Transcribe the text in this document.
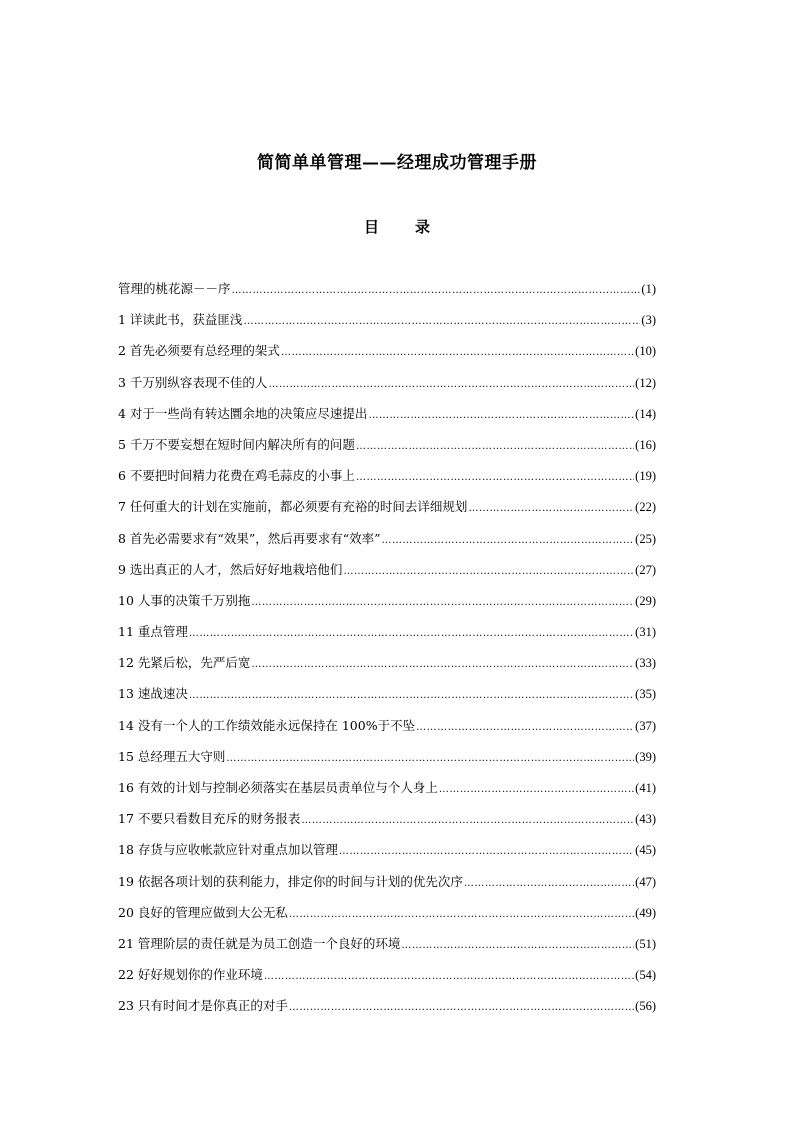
简简单单管理——经理成功管理手册
目 录
管理的桃花源－－序 ……………………………………………………………………………………………………………………………………………………………………………………………………	(1)
1 详读此书，获益匪浅 ……………………………………………………………………………………………………………………………………………………………………………………………………	(3)
2 首先必须要有总经理的架式 ……………………………………………………………………………………………………………………………………………………………………………………………………	(10)
3 千万别纵容表现不佳的人 ……………………………………………………………………………………………………………………………………………………………………………………………………	(12)
4 对于一些尚有转达圜余地的决策应尽速提出 ……………………………………………………………………………………………………………………………………………………………………………………………………	(14)
5 千万不要妄想在短时间内解决所有的问题 ……………………………………………………………………………………………………………………………………………………………………………………………………	(16)
6 不要把时间精力花费在鸡毛蒜皮的小事上 ……………………………………………………………………………………………………………………………………………………………………………………………………	(19)
7 任何重大的计划在实施前，都必须要有充裕的时间去详细规划 ……………………………………………………………………………………………………………………………………………………………………………………………………	(22)
8 首先必需要求有“效果”，然后再要求有“效率” ……………………………………………………………………………………………………………………………………………………………………………………………………	(25)
9 选出真正的人才，然后好好地栽培他们 ……………………………………………………………………………………………………………………………………………………………………………………………………	(27)
10 人事的决策千万别拖 ……………………………………………………………………………………………………………………………………………………………………………………………………	(29)
11 重点管理 ……………………………………………………………………………………………………………………………………………………………………………………………………	(31)
12 先紧后松，先严后宽 ……………………………………………………………………………………………………………………………………………………………………………………………………	(33)
13 速战速决 ……………………………………………………………………………………………………………………………………………………………………………………………………	(35)
14 没有一个人的工作绩效能永远保持在 100%于不坠 ……………………………………………………………………………………………………………………………………………………………………………………………………	(37)
15 总经理五大守则 ……………………………………………………………………………………………………………………………………………………………………………………………………	(39)
16 有效的计划与控制必须落实在基层员责单位与个人身上 ……………………………………………………………………………………………………………………………………………………………………………………………………	(41)
17 不要只看数目充斥的财务报表 ……………………………………………………………………………………………………………………………………………………………………………………………………	(43)
18 存货与应收帐款应针对重点加以管理 ……………………………………………………………………………………………………………………………………………………………………………………………………	(45)
19 依据各项计划的获利能力，排定你的时间与计划的优先次序 ……………………………………………………………………………………………………………………………………………………………………………………………………	(47)
20 良好的管理应做到大公无私 ……………………………………………………………………………………………………………………………………………………………………………………………………	(49)
21 管理阶层的责任就是为员工创造一个良好的环境 ……………………………………………………………………………………………………………………………………………………………………………………………………	(51)
22 好好规划你的作业环境 ……………………………………………………………………………………………………………………………………………………………………………………………………	(54)
23 只有时间才是你真正的对手 ……………………………………………………………………………………………………………………………………………………………………………………………………	(56)
